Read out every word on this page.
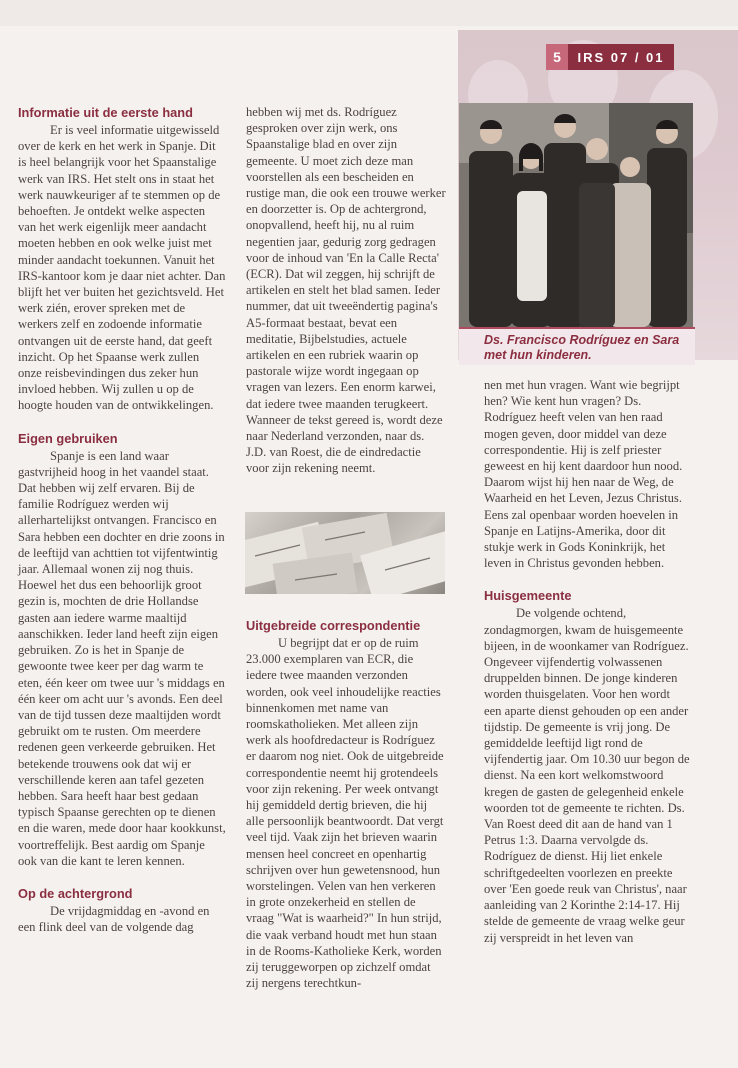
5	IRS 07 / 01

Ds. Francisco Rodríguez en Sara met hun kinderen.

Informatie uit de eerste hand

Er is veel informatie uitgewisseld over de kerk en het werk in Spanje. Dit is heel belangrijk voor het Spaanstalige werk van IRS. Het stelt ons in staat het werk nauwkeuriger af te stemmen op de behoeften. Je ontdekt welke aspecten van het werk eigenlijk meer aandacht moeten hebben en ook welke juist met minder aandacht toekunnen. Vanuit het IRS-kantoor kom je daar niet achter. Dan blijft het ver buiten het gezichtsveld. Het werk zién, erover spreken met de werkers zelf en zodoende informatie ontvangen uit de eerste hand, dat geeft inzicht. Op het Spaanse werk zullen onze reisbevindingen dus zeker hun invloed hebben. Wij zullen u op de hoogte houden van de ontwikkelingen.

Eigen gebruiken

Spanje is een land waar gastvrijheid hoog in het vaandel staat. Dat hebben wij zelf ervaren. Bij de familie Rodríguez werden wij allerhartelijkst ontvangen. Francisco en Sara hebben een dochter en drie zoons in de leeftijd van achttien tot vijfentwintig jaar. Allemaal wonen zij nog thuis. Hoewel het dus een behoorlijk groot gezin is, mochten de drie Hollandse gasten aan iedere warme maaltijd aanschikken. Ieder land heeft zijn eigen gebruiken. Zo is het in Spanje de gewoonte twee keer per dag warm te eten, één keer om twee uur 's middags en één keer om acht uur 's avonds. Een deel van de tijd tussen deze maaltijden wordt gebruikt om te rusten. Om meerdere redenen geen verkeerde gebruiken. Het betekende trouwens ook dat wij er verschillende keren aan tafel gezeten hebben. Sara heeft haar best gedaan typisch Spaanse gerechten op te dienen en die waren, mede door haar kookkunst, voortreffelijk. Best aardig om Spanje ook van die kant te leren kennen.

Op de achtergrond

De vrijdagmiddag en -avond en een flink deel van de volgende dag

hebben wij met ds. Rodríguez gesproken over zijn werk, ons Spaanstalige blad en over zijn gemeente. U moet zich deze man voorstellen als een bescheiden en rustige man, die ook een trouwe werker en doorzetter is. Op de achtergrond, onopvallend, heeft hij, nu al ruim negentien jaar, gedurig zorg gedragen voor de inhoud van 'En la Calle Recta' (ECR). Dat wil zeggen, hij schrijft de artikelen en stelt het blad samen. Ieder nummer, dat uit tweeëndertig pagina's A5-formaat bestaat, bevat een meditatie, Bijbelstudies, actuele artikelen en een rubriek waarin op pastorale wijze wordt ingegaan op vragen van lezers. Een enorm karwei, dat iedere twee maanden terugkeert. Wanneer de tekst gereed is, wordt deze naar Nederland verzonden, naar ds. J.D. van Roest, die de eindredactie voor zijn rekening neemt.

Uitgebreide correspondentie

U begrijpt dat er op de ruim 23.000 exemplaren van ECR, die iedere twee maanden verzonden worden, ook veel inhoudelijke reacties binnenkomen met name van roomskatholieken. Met alleen zijn werk als hoofdredacteur is Rodríguez er daarom nog niet. Ook de uitgebreide correspondentie neemt hij grotendeels voor zijn rekening. Per week ontvangt hij gemiddeld dertig brieven, die hij alle persoonlijk beantwoordt. Dat vergt veel tijd. Vaak zijn het brieven waarin mensen heel concreet en openhartig schrijven over hun gewetensnood, hun worstelingen. Velen van hen verkeren in grote onzekerheid en stellen de vraag "Wat is waarheid?" In hun strijd, die vaak verband houdt met hun staan in de Rooms-Katholieke Kerk, worden zij teruggeworpen op zichzelf omdat zij nergens terechtkun-

nen met hun vragen. Want wie begrijpt hen? Wie kent hun vragen? Ds. Rodríguez heeft velen van hen raad mogen geven, door middel van deze correspondentie. Hij is zelf priester geweest en hij kent daardoor hun nood. Daarom wijst hij hen naar de Weg, de Waarheid en het Leven, Jezus Christus. Eens zal openbaar worden hoevelen in Spanje en Latijns-Amerika, door dit stukje werk in Gods Koninkrijk, het leven in Christus gevonden hebben.

Huisgemeente

De volgende ochtend, zondagmorgen, kwam de huisgemeente bijeen, in de woonkamer van Rodríguez. Ongeveer vijfendertig volwassenen druppelden binnen. De jonge kinderen worden thuisgelaten. Voor hen wordt een aparte dienst gehouden op een ander tijdstip. De gemeente is vrij jong. De gemiddelde leeftijd ligt rond de vijfendertig jaar. Om 10.30 uur begon de dienst. Na een kort welkomstwoord kregen de gasten de gelegenheid enkele woorden tot de gemeente te richten. Ds. Van Roest deed dit aan de hand van 1 Petrus 1:3. Daarna vervolgde ds. Rodríguez de dienst. Hij liet enkele schriftgedeelten voorlezen en preekte over 'Een goede reuk van Christus', naar aanleiding van 2 Korinthe 2:14-17. Hij stelde de gemeente de vraag welke geur zij verspreidt in het leven van
